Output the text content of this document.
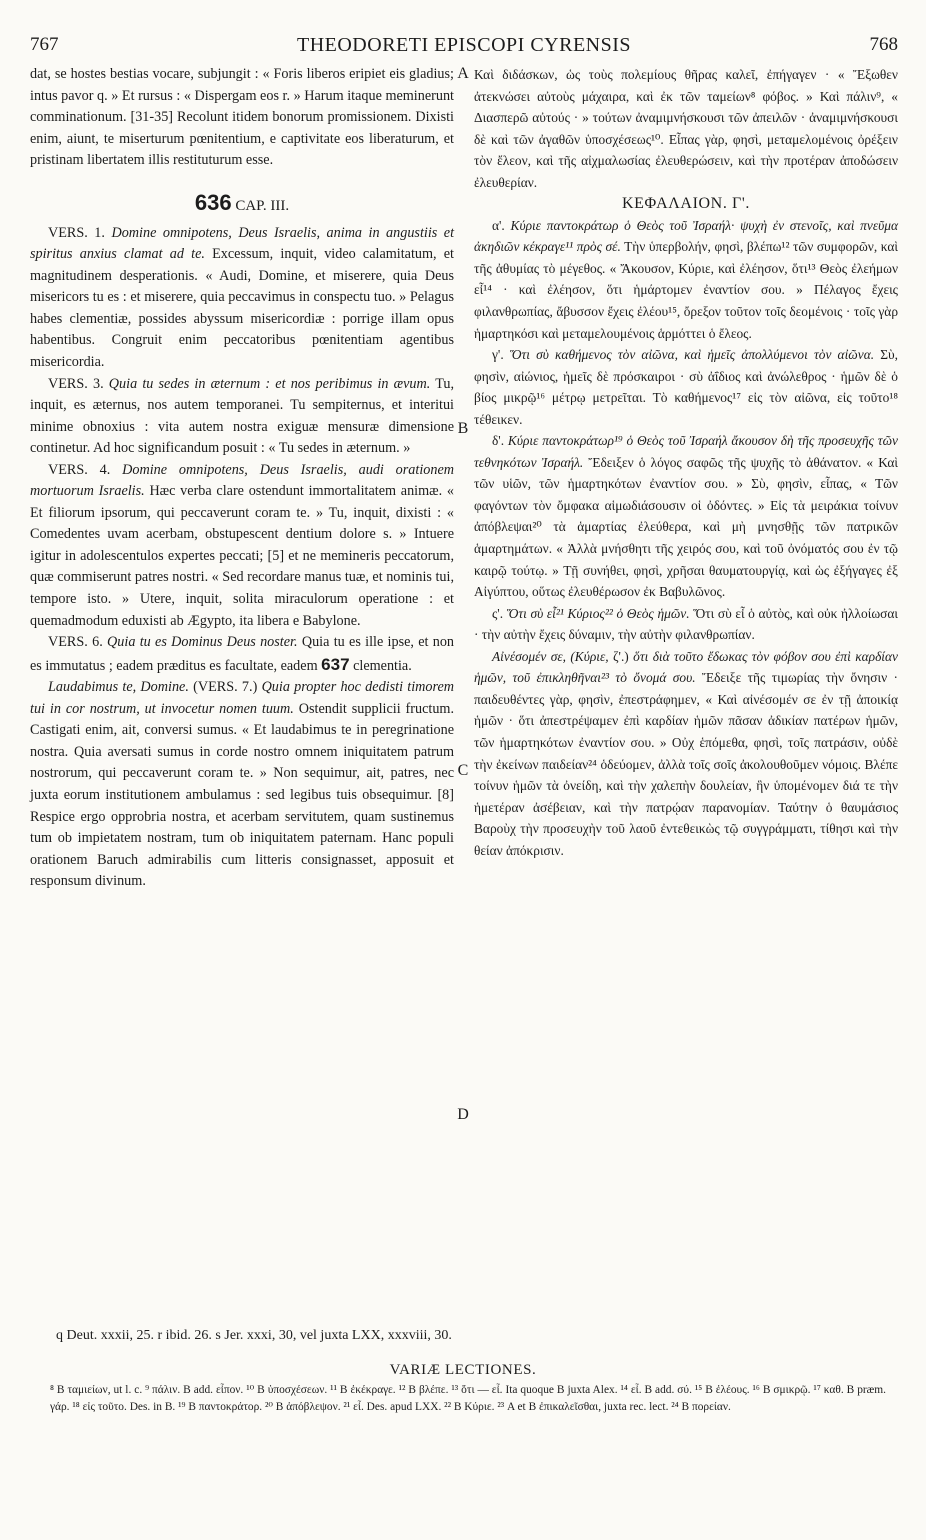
767	THEODORETI EPISCOPI CYRENSIS	768

dat, se hostes bestias vocare, subjungit : « Foris liberos eripiet eis gladius; intus pavor q. » Et rursus : « Dispergam eos r. » Harum itaque meminerunt comminationum. [31-35] Recolunt itidem bonorum promissionem. Dixisti enim, aiunt, te miserturum pœnitentium, e captivitate eos liberaturum, et pristinam libertatem illis restituturum esse.

636 CAP. III.

VERS. 1. Domine omnipotens, Deus Israelis, anima in angustiis et spiritus anxius clamat ad te. Excessum, inquit, video calamitatum, et magnitudinem desperationis. « Audi, Domine, et miserere, quia Deus misericors tu es : et miserere, quia peccavimus in conspectu tuo. » Pelagus habes clementiæ, possides abyssum misericordiæ : porrige illam opus habentibus. Congruit enim peccatoribus pœnitentiam agentibus misericordia.

VERS. 3. Quia tu sedes in æternum : et nos peribimus in ævum. Tu, inquit, es æternus, nos autem temporanei. Tu sempiternus, et interitui minime obnoxius : vita autem nostra exiguæ mensuræ dimensione continetur. Ad hoc significandum posuit : « Tu sedes in æternum. »

VERS. 4. Domine omnipotens, Deus Israelis, audi orationem mortuorum Israelis. Hæc verba clare ostendunt immortalitatem animæ. « Et filiorum ipsorum, qui peccaverunt coram te. » Tu, inquit, dixisti : « Comedentes uvam acerbam, obstupescent dentium dolore s. » Intuere igitur in adolescentulos expertes peccati; [5] et ne memineris peccatorum, quæ commiserunt patres nostri. « Sed recordare manus tuæ, et nominis tui, tempore isto. » Utere, inquit, solita miraculorum operatione : et quemadmodum eduxisti ab Ægypto, ita libera e Babylone.

VERS. 6. Quia tu es Dominus Deus noster. Quia tu es ille ipse, et non es immutatus ; eadem præditus es facultate, eadem 637 clementia.

Laudabimus te, Domine. (VERS. 7.) Quia propter hoc dedisti timorem tui in cor nostrum, ut invocetur nomen tuum. Ostendit supplicii fructum. Castigati enim, ait, conversi sumus. « Et laudabimus te in peregrinatione nostra. Quia aversati sumus in corde nostro omnem iniquitatem patrum nostrorum, qui peccaverunt coram te. » Non sequimur, ait, patres, nec juxta eorum institutionem ambulamus : sed legibus tuis obsequimur. [8] Respice ergo opprobria nostra, et acerbam servitutem, quam sustinemus tum ob impietatem nostram, tum ob iniquitatem paternam. Hanc populi orationem Baruch admirabilis cum litteris consignasset, apposuit et responsum divinum.

A
B
C
D

Καὶ διδάσκων, ὡς τοὺς πολεμίους θῆρας καλεῖ, ἐπήγαγεν · « Ἔξωθεν ἀτεκνώσει αὐτοὺς μάχαιρα, καὶ ἐκ τῶν ταμείων⁸ φόβος. » Καὶ πάλιν⁹, « Διασπερῶ αὐτούς · » τούτων ἀναμιμνήσκουσι τῶν ἀπειλῶν · ἀναμιμνήσκουσι δὲ καὶ τῶν ἀγαθῶν ὑποσχέσεως¹⁰. Εἶπας γὰρ, φησὶ, μεταμελομένοις ὀρέξειν τὸν ἔλεον, καὶ τῆς αἰχμαλωσίας ἐλευθερώσειν, καὶ τὴν προτέραν ἀποδώσειν ἐλευθερίαν.

ΚΕΦΑΛΑΙΟΝ. Γ'.

α'. Κύριε παντοκράτωρ ὁ Θεὸς τοῦ Ἰσραήλ· ψυχὴ ἐν στενοῖς, καὶ πνεῦμα ἀκηδιῶν κέκραγε¹¹ πρὸς σέ. Τὴν ὑπερβολήν, φησὶ, βλέπω¹² τῶν συμφορῶν, καὶ τῆς ἀθυμίας τὸ μέγεθος. « Ἄκουσον, Κύριε, καὶ ἐλέησον, ὅτι¹³ Θεὸς ἐλεήμων εἶ¹⁴ · καὶ ἐλέησον, ὅτι ἡμάρτομεν ἐναντίον σου. » Πέλαγος ἔχεις φιλανθρωπίας, ἄβυσσον ἔχεις ἐλέου¹⁵, ὄρεξον τοῦτον τοῖς δεομένοις · τοῖς γὰρ ἡμαρτηκόσι καὶ μεταμελουμένοις ἁρμόττει ὁ ἔλεος.

γ'. Ὅτι σὺ καθήμενος τὸν αἰῶνα, καὶ ἡμεῖς ἀπολλύμενοι τὸν αἰῶνα. Σὺ, φησὶν, αἰώνιος, ἡμεῖς δὲ πρόσκαιροι · σὺ ἀΐδιος καὶ ἀνώλεθρος · ἡμῶν δὲ ὁ βίος μικρῷ¹⁶ μέτρῳ μετρεῖται. Τὸ καθήμενος¹⁷ εἰς τὸν αἰῶνα, εἰς τοῦτο¹⁸ τέθεικεν.

δ'. Κύριε παντοκράτωρ¹⁹ ὁ Θεὸς τοῦ Ἰσραήλ ἄκουσον δὴ τῆς προσευχῆς τῶν τεθνηκότων Ἰσραήλ. Ἔδειξεν ὁ λόγος σαφῶς τῆς ψυχῆς τὸ ἀθάνατον. « Καὶ τῶν υἱῶν, τῶν ἡμαρτηκότων ἐναντίον σου. » Σὺ, φησὶν, εἶπας, « Τῶν φαγόντων τὸν ὄμφακα αἱμωδιάσουσιν οἱ ὀδόντες. » Εἰς τὰ μειράκια τοίνυν ἀπόβλεψαι²⁰ τὰ ἁμαρτίας ἐλεύθερα, καὶ μὴ μνησθῇς τῶν πατρικῶν ἁμαρτημάτων. « Ἀλλὰ μνήσθητι τῆς χειρός σου, καὶ τοῦ ὀνόματός σου ἐν τῷ καιρῷ τούτῳ. » Τῇ συνήθει, φησὶ, χρῆσαι θαυματουργίᾳ, καὶ ὡς ἐξήγαγες ἐξ Αἰγύπτου, οὕτως ἐλευθέρωσον ἐκ Βαβυλῶνος.

ς'. Ὅτι σὺ εἶ²¹ Κύριος²² ὁ Θεὸς ἡμῶν. Ὅτι σὺ εἶ ὁ αὐτὸς, καὶ οὐκ ἠλλοίωσαι · τὴν αὐτὴν ἔχεις δύναμιν, τὴν αὐτὴν φιλανθρωπίαν.

Αἰνέσομέν σε, (Κύριε, ζ'.) ὅτι διὰ τοῦτο ἔδωκας τὸν φόβον σου ἐπὶ καρδίαν ἡμῶν, τοῦ ἐπικληθῆναι²³ τὸ ὄνομά σου. Ἔδειξε τῆς τιμωρίας τὴν ὄνησιν · παιδευθέντες γὰρ, φησὶν, ἐπεστράφημεν, « Καὶ αἰνέσομέν σε ἐν τῇ ἀποικίᾳ ἡμῶν · ὅτι ἀπεστρέψαμεν ἐπὶ καρδίαν ἡμῶν πᾶσαν ἀδικίαν πατέρων ἡμῶν, τῶν ἡμαρτηκότων ἐναντίον σου. » Οὐχ ἑπόμεθα, φησὶ, τοῖς πατράσιν, οὐδὲ τὴν ἐκείνων παιδείαν²⁴ ὁδεύομεν, ἀλλὰ τοῖς σοῖς ἀκολουθοῦμεν νόμοις. Βλέπε τοίνυν ἡμῶν τὰ ὀνείδη, καὶ τὴν χαλεπὴν δουλείαν, ἣν ὑπομένομεν διά τε τὴν ἡμετέραν ἀσέβειαν, καὶ τὴν πατρῴαν παρανομίαν. Ταύτην ὁ θαυμάσιος Βαροὺχ τὴν προσευχὴν τοῦ λαοῦ ἐντεθεικὼς τῷ συγγράμματι, τίθησι καὶ τὴν θείαν ἀπόκρισιν.

q Deut. xxxii, 25. r ibid. 26. s Jer. xxxi, 30, vel juxta LXX, xxxviii, 30.
VARIÆ LECTIONES.
⁸ B ταμιείων, ut l. c. ⁹ πάλιν. B add. εἶπον. ¹⁰ B ὑποσχέσεων. ¹¹ B ἐκέκραγε. ¹² B βλέπε. ¹³ ὅτι — εἶ. Ita quoque B juxta Alex. ¹⁴ εἶ. B add. σύ. ¹⁵ B ἐλέους. ¹⁶ B σμικρῷ. ¹⁷ καθ. B præm. γάρ. ¹⁸ εἰς τοῦτο. Des. in B. ¹⁹ B παντοκράτορ. ²⁰ B ἀπόβλεψον. ²¹ εἶ. Des. apud LXX. ²² B Κύριε. ²³ A et B ἐπικαλεῖσθαι, juxta rec. lect. ²⁴ B πορείαν.
